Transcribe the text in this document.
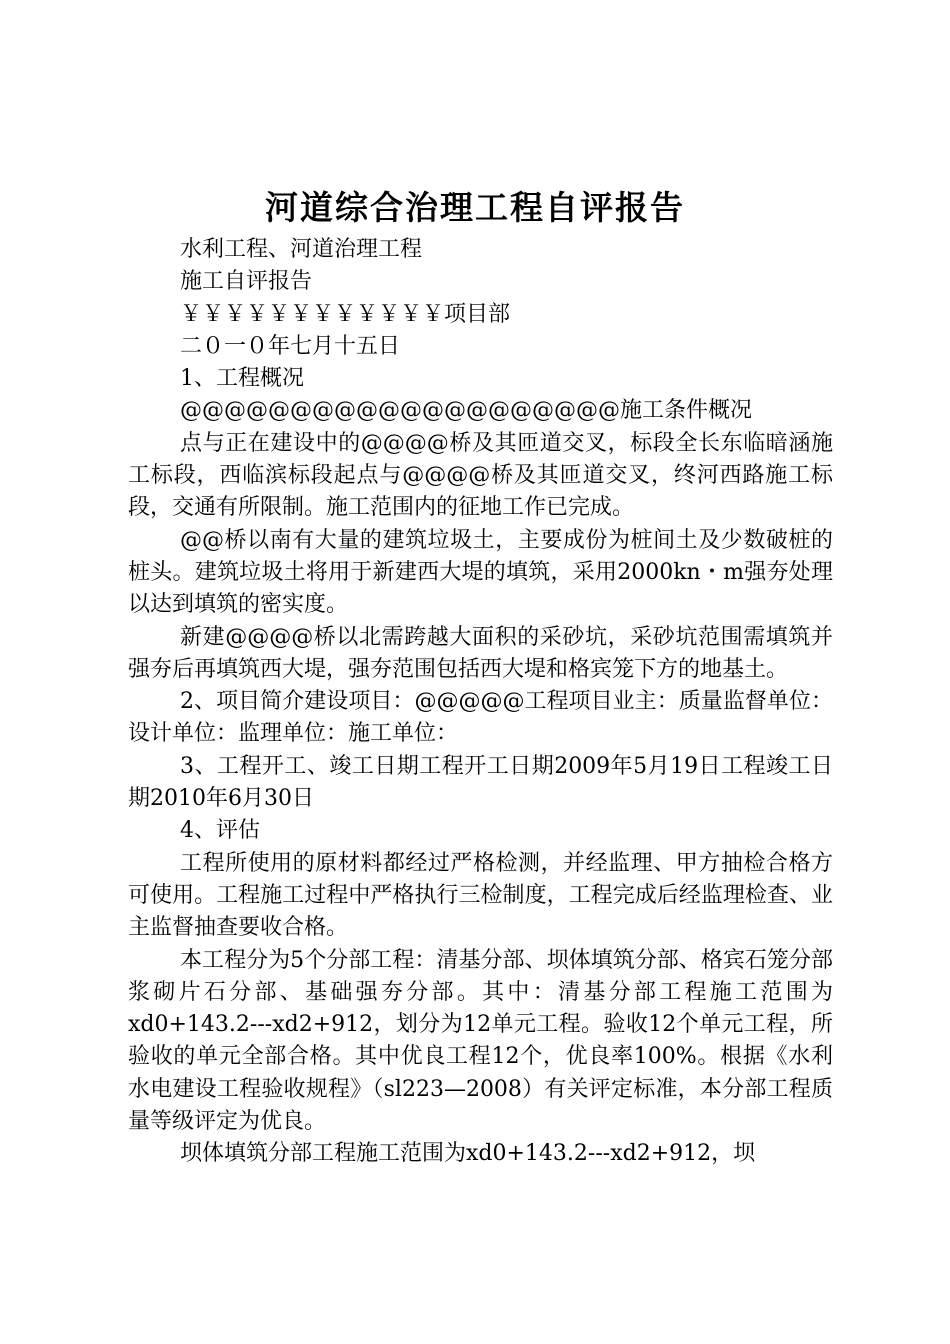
河道综合治理工程自评报告

水利工程、河道治理工程

施工自评报告

￥￥￥￥￥￥￥￥￥￥￥￥项目部

二０一０年七月十五日

1、工程概况

@@@@@@@@@@@@@@@@@@@@施工条件概况

点与正在建设中的@@@@桥及其匝道交叉，标段全长东临暗涵施工标段，西临滨标段起点与@@@@桥及其匝道交叉，终河西路施工标段，交通有所限制。施工范围内的征地工作已完成。

@@桥以南有大量的建筑垃圾土，主要成份为桩间土及少数破桩的桩头。建筑垃圾土将用于新建西大堤的填筑，采用2000kn・m强夯处理以达到填筑的密实度。

新建@@@@桥以北需跨越大面积的采砂坑，采砂坑范围需填筑并强夯后再填筑西大堤，强夯范围包括西大堤和格宾笼下方的地基土。

2、项目简介建设项目：@@@@@工程项目业主：质量监督单位：设计单位：监理单位：施工单位：

3、工程开工、竣工日期工程开工日期2009年5月19日工程竣工日期2010年6月30日

4、评估

工程所使用的原材料都经过严格检测，并经监理、甲方抽检合格方可使用。工程施工过程中严格执行三检制度，工程完成后经监理检查、业主监督抽查要收合格。

本工程分为5个分部工程：清基分部、坝体填筑分部、格宾石笼分部浆砌片石分部、基础强夯分部。其中：清基分部工程施工范围为xd0+143.2---xd2+912，划分为12单元工程。验收12个单元工程，所验收的单元全部合格。其中优良工程12个，优良率100%。根据《水利水电建设工程验收规程》（sl223—2008）有关评定标准，本分部工程质量等级评定为优良。

坝体填筑分部工程施工范围为xd0+143.2---xd2+912，坝
